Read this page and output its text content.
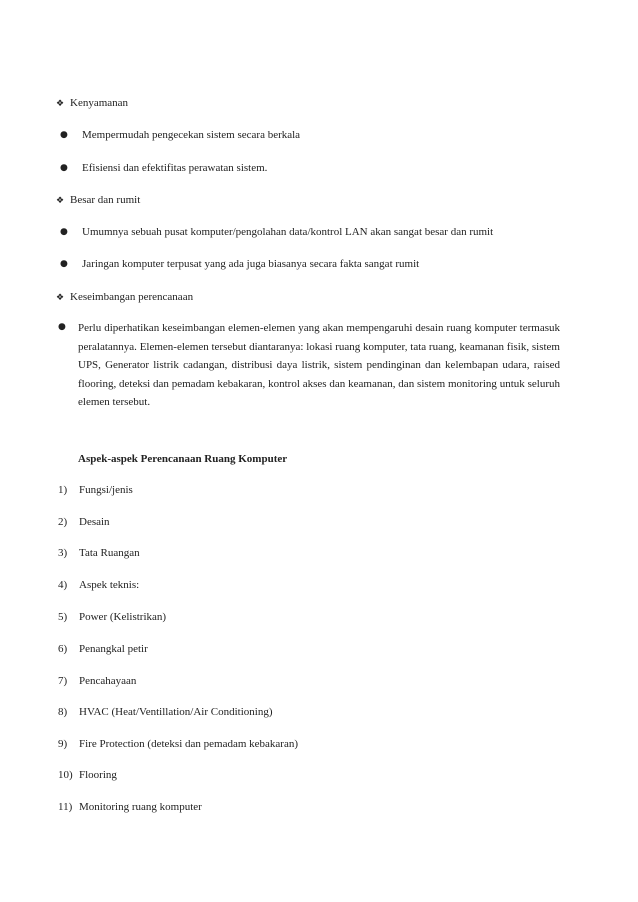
❖ Kenyamanan
● Mempermudah pengecekan sistem secara berkala
● Efisiensi dan efektifitas perawatan sistem.
❖ Besar dan rumit
● Umumnya sebuah pusat komputer/pengolahan data/kontrol LAN akan sangat besar dan rumit
● Jaringan komputer terpusat yang ada juga biasanya secara fakta sangat rumit
❖ Keseimbangan perencanaan
● Perlu diperhatikan keseimbangan elemen-elemen yang akan mempengaruhi desain ruang komputer termasuk peralatannya. Elemen-elemen tersebut diantaranya: lokasi ruang komputer, tata ruang, keamanan fisik, sistem UPS, Generator listrik cadangan, distribusi daya listrik, sistem pendinginan dan kelembapan udara, raised flooring, deteksi dan pemadam kebakaran, kontrol akses dan keamanan, dan sistem monitoring untuk seluruh elemen tersebut.
Aspek-aspek Perencanaan Ruang Komputer
1) Fungsi/jenis
2) Desain
3) Tata Ruangan
4) Aspek teknis:
5) Power (Kelistrikan)
6) Penangkal petir
7) Pencahayaan
8) HVAC (Heat/Ventillation/Air Conditioning)
9) Fire Protection (deteksi dan pemadam kebakaran)
10) Flooring
11) Monitoring ruang komputer
